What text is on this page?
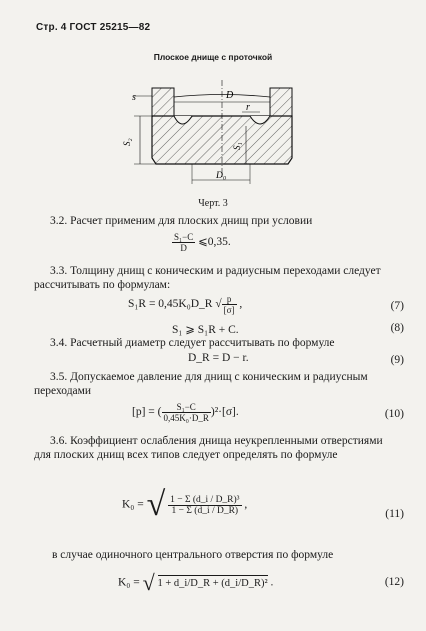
Стр. 4 ГОСТ 25215—82
Плоское днище с проточкой
D
s
r
S₂
S₁
D₀
Черт. 3
3.2. Расчет применим для плоских днищ при условии
$\frac{\text{S₁−C}}{D}$ ⩽0,35.
3.3. Толщину днищ с коническим и радиусным переходами следует рассчитывать по формулам:
S₁R = 0,45K₀D_R √ $\frac{p}{[\sigma]}$ ,	(7)
S₁ ⩾ S₁R + C.	(8)
3.4. Расчетный диаметр следует рассчитывать по формуле
D_R = D − r.	(9)
3.5. Допускаемое давление для днищ с коническим и радиусным переходами
[p] = ( $\frac{\text{S₁−C}}{\text{0,45K₀·D\_R}} )^2\cdot[\sigma]$.	(10)
3.6. Коэффициент ослабления днища неукрепленными отверстиями для плоских днищ всех типов следует определять по формуле
K₀ = √ $\frac{\text{1 − Σ (d\_i / D\_R)³}}{1 - \Sigma (d\_i / D\_R)}$ ,
(11)
в случае одиночного центрального отверстия по формуле
K₀ = √ 1 + d_i/D_R + (d_i/D_R)² .	(12)
